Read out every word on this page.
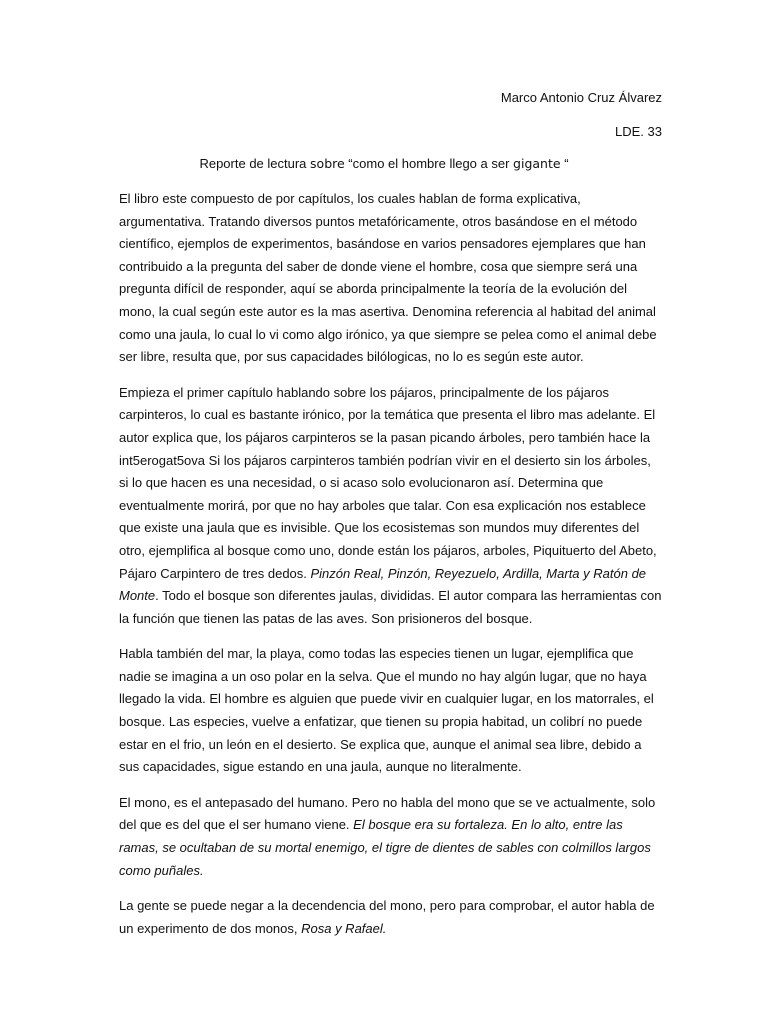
Marco Antonio Cruz Álvarez
LDE. 33
Reporte de lectura sobre “como el hombre llego a ser gigante “

El libro este compuesto de por capítulos, los cuales hablan de forma explicativa, argumentativa. Tratando diversos puntos metafóricamente, otros basándose en el método científico, ejemplos de experimentos, basándose en varios pensadores ejemplares que han contribuido a la pregunta del saber de donde viene el hombre, cosa que siempre será una pregunta difícil de responder, aquí se aborda principalmente la teoría de la evolución del mono, la cual según este autor es la mas asertiva. Denomina referencia al habitad del animal como una jaula, lo cual lo vi como algo irónico, ya que siempre se pelea como el animal debe ser libre, resulta que, por sus capacidades bilólogicas, no lo es según este autor.

Empieza el primer capítulo hablando sobre los pájaros, principalmente de los pájaros carpinteros, lo cual es bastante irónico, por la temática que presenta el libro mas adelante. El autor explica que, los pájaros carpinteros se la pasan picando árboles, pero también hace la int5erogat5ova Si los pájaros carpinteros también podrían vivir en el desierto sin los árboles, si lo que hacen es una necesidad, o si acaso solo evolucionaron así. Determina que eventualmente morirá, por que no hay arboles que talar. Con esa explicación nos establece que existe una jaula que es invisible. Que los ecosistemas son mundos muy diferentes del otro, ejemplifica al bosque como uno, donde están los pájaros, arboles, Piquituerto del Abeto, Pájaro Carpintero de tres dedos. Pinzón Real, Pinzón, Reyezuelo, Ardilla, Marta y Ratón de Monte. Todo el bosque son diferentes jaulas, divididas. El autor compara las herramientas con la función que tienen las patas de las aves. Son prisioneros del bosque.

Habla también del mar, la playa, como todas las especies tienen un lugar, ejemplifica que nadie se imagina a un oso polar en la selva. Que el mundo no hay algún lugar, que no haya llegado la vida. El hombre es alguien que puede vivir en cualquier lugar, en los matorrales, el bosque. Las especies, vuelve a enfatizar, que tienen su propia habitad, un colibrí no puede estar en el frio, un león en el desierto. Se explica que, aunque el animal sea libre, debido a sus capacidades, sigue estando en una jaula, aunque no literalmente.

El mono, es el antepasado del humano. Pero no habla del mono que se ve actualmente, solo del que es del que el ser humano viene. El bosque era su fortaleza. En lo alto, entre las ramas, se ocultaban de su mortal enemigo, el tigre de dientes de sables con colmillos largos como puñales.

La gente se puede negar a la decendencia del mono, pero para comprobar, el autor habla de un experimento de dos monos, Rosa y Rafael.
